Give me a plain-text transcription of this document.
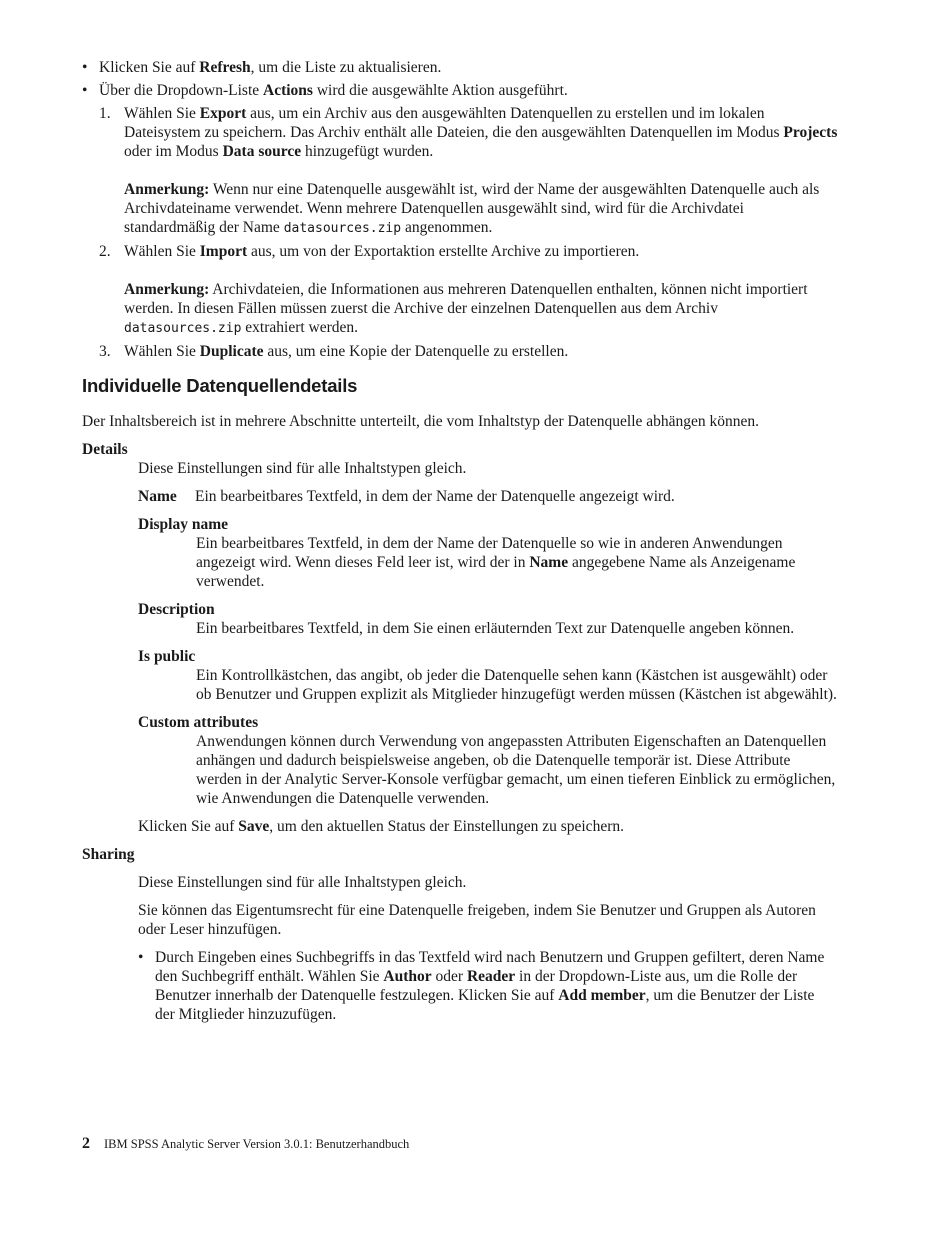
• Klicken Sie auf Refresh, um die Liste zu aktualisieren.
• Über die Dropdown-Liste Actions wird die ausgewählte Aktion ausgeführt.
1. Wählen Sie Export aus, um ein Archiv aus den ausgewählten Datenquellen zu erstellen und im lokalen Dateisystem zu speichern. Das Archiv enthält alle Dateien, die den ausgewählten Datenquellen im Modus Projects oder im Modus Data source hinzugefügt wurden.

Anmerkung: Wenn nur eine Datenquelle ausgewählt ist, wird der Name der ausgewählten Datenquelle auch als Archivdateiname verwendet. Wenn mehrere Datenquellen ausgewählt sind, wird für die Archivdatei standardmäßig der Name datasources.zip angenommen.

2. Wählen Sie Import aus, um von der Exportaktion erstellte Archive zu importieren.

Anmerkung: Archivdateien, die Informationen aus mehreren Datenquellen enthalten, können nicht importiert werden. In diesen Fällen müssen zuerst die Archive der einzelnen Datenquellen aus dem Archiv datasources.zip extrahiert werden.

3. Wählen Sie Duplicate aus, um eine Kopie der Datenquelle zu erstellen.

Individuelle Datenquellendetails

Der Inhaltsbereich ist in mehrere Abschnitte unterteilt, die vom Inhaltstyp der Datenquelle abhängen können.

Details

Diese Einstellungen sind für alle Inhaltstypen gleich.

Name	Ein bearbeitbares Textfeld, in dem der Name der Datenquelle angezeigt wird.
Display name
Ein bearbeitbares Textfeld, in dem der Name der Datenquelle so wie in anderen Anwendungen angezeigt wird. Wenn dieses Feld leer ist, wird der in Name angegebene Name als Anzeigename verwendet.
Description
Ein bearbeitbares Textfeld, in dem Sie einen erläuternden Text zur Datenquelle angeben können.
Is public
Ein Kontrollkästchen, das angibt, ob jeder die Datenquelle sehen kann (Kästchen ist ausgewählt) oder ob Benutzer und Gruppen explizit als Mitglieder hinzugefügt werden müssen (Kästchen ist abgewählt).
Custom attributes
Anwendungen können durch Verwendung von angepassten Attributen Eigenschaften an Datenquellen anhängen und dadurch beispielsweise angeben, ob die Datenquelle temporär ist. Diese Attribute werden in der Analytic Server-Konsole verfügbar gemacht, um einen tieferen Einblick zu ermöglichen, wie Anwendungen die Datenquelle verwenden.

Klicken Sie auf Save, um den aktuellen Status der Einstellungen zu speichern.

Sharing

Diese Einstellungen sind für alle Inhaltstypen gleich.

Sie können das Eigentumsrecht für eine Datenquelle freigeben, indem Sie Benutzer und Gruppen als Autoren oder Leser hinzufügen.

• Durch Eingeben eines Suchbegriffs in das Textfeld wird nach Benutzern und Gruppen gefiltert, deren Name den Suchbegriff enthält. Wählen Sie Author oder Reader in der Dropdown-Liste aus, um die Rolle der Benutzer innerhalb der Datenquelle festzulegen. Klicken Sie auf Add member, um die Benutzer der Liste der Mitglieder hinzuzufügen.
2 IBM SPSS Analytic Server Version 3.0.1: Benutzerhandbuch
